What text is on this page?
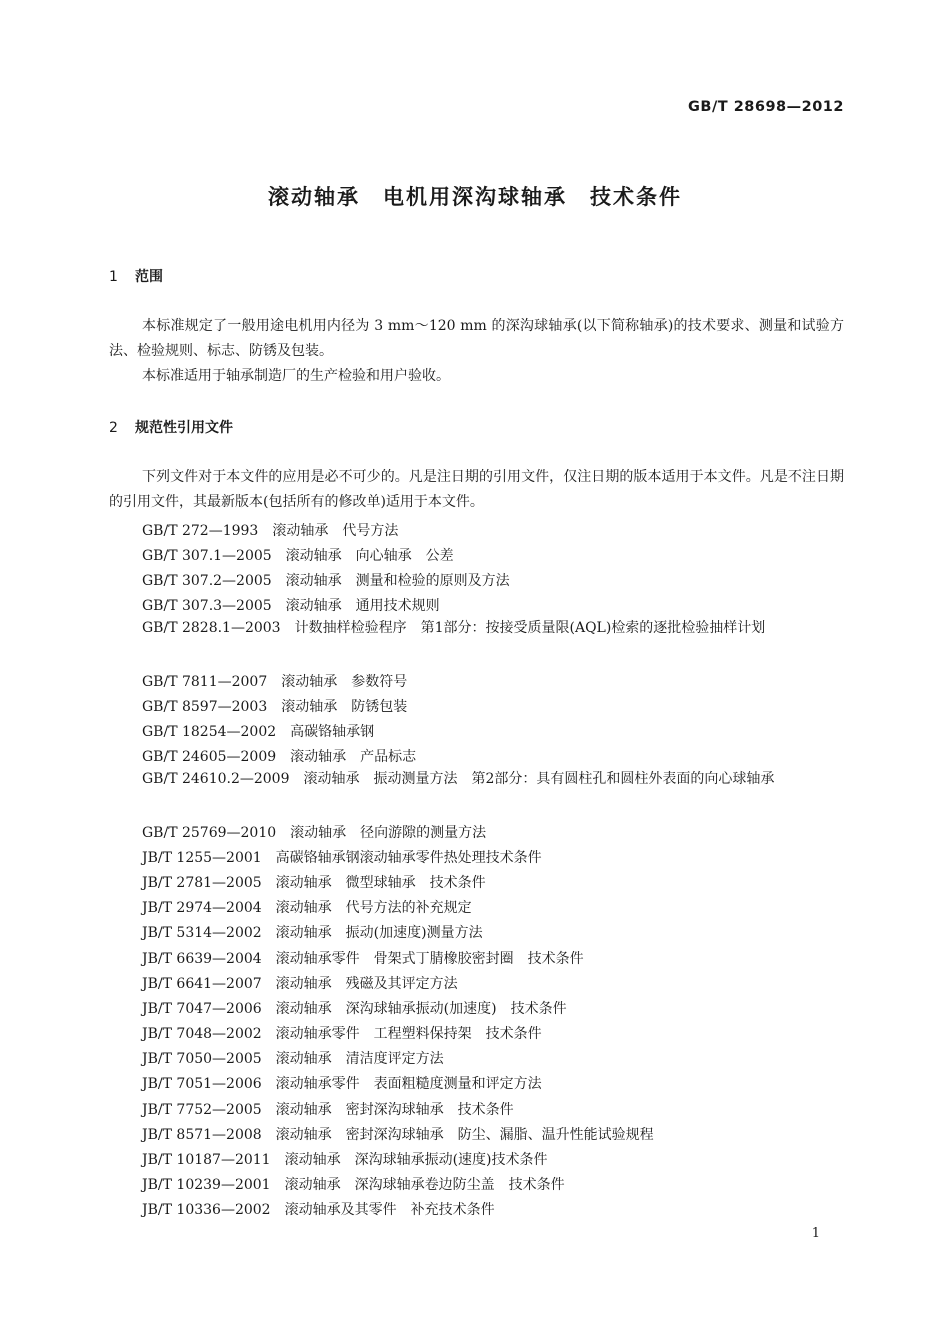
GB/T 28698—2012
滚动轴承　电机用深沟球轴承　技术条件
1 范围
本标准规定了一般用途电机用内径为 3 mm～120 mm 的深沟球轴承(以下简称轴承)的技术要求、测量和试验方法、检验规则、标志、防锈及包装。
本标准适用于轴承制造厂的生产检验和用户验收。
2 规范性引用文件
下列文件对于本文件的应用是必不可少的。凡是注日期的引用文件，仅注日期的版本适用于本文件。凡是不注日期的引用文件，其最新版本(包括所有的修改单)适用于本文件。
GB/T 272—1993　滚动轴承　代号方法
GB/T 307.1—2005　滚动轴承　向心轴承　公差
GB/T 307.2—2005　滚动轴承　测量和检验的原则及方法
GB/T 307.3—2005　滚动轴承　通用技术规则
GB/T 2828.1—2003　计数抽样检验程序　第1部分：按接受质量限(AQL)检索的逐批检验抽样计划
GB/T 7811—2007　滚动轴承　参数符号
GB/T 8597—2003　滚动轴承　防锈包装
GB/T 18254—2002　高碳铬轴承钢
GB/T 24605—2009　滚动轴承　产品标志
GB/T 24610.2—2009　滚动轴承　振动测量方法　第2部分：具有圆柱孔和圆柱外表面的向心球轴承
GB/T 25769—2010　滚动轴承　径向游隙的测量方法
JB/T 1255—2001　高碳铬轴承钢滚动轴承零件热处理技术条件
JB/T 2781—2005　滚动轴承　微型球轴承　技术条件
JB/T 2974—2004　滚动轴承　代号方法的补充规定
JB/T 5314—2002　滚动轴承　振动(加速度)测量方法
JB/T 6639—2004　滚动轴承零件　骨架式丁腈橡胶密封圈　技术条件
JB/T 6641—2007　滚动轴承　残磁及其评定方法
JB/T 7047—2006　滚动轴承　深沟球轴承振动(加速度)　技术条件
JB/T 7048—2002　滚动轴承零件　工程塑料保持架　技术条件
JB/T 7050—2005　滚动轴承　清洁度评定方法
JB/T 7051—2006　滚动轴承零件　表面粗糙度测量和评定方法
JB/T 7752—2005　滚动轴承　密封深沟球轴承　技术条件
JB/T 8571—2008　滚动轴承　密封深沟球轴承　防尘、漏脂、温升性能试验规程
JB/T 10187—2011　滚动轴承　深沟球轴承振动(速度)技术条件
JB/T 10239—2001　滚动轴承　深沟球轴承卷边防尘盖　技术条件
JB/T 10336—2002　滚动轴承及其零件　补充技术条件
1
